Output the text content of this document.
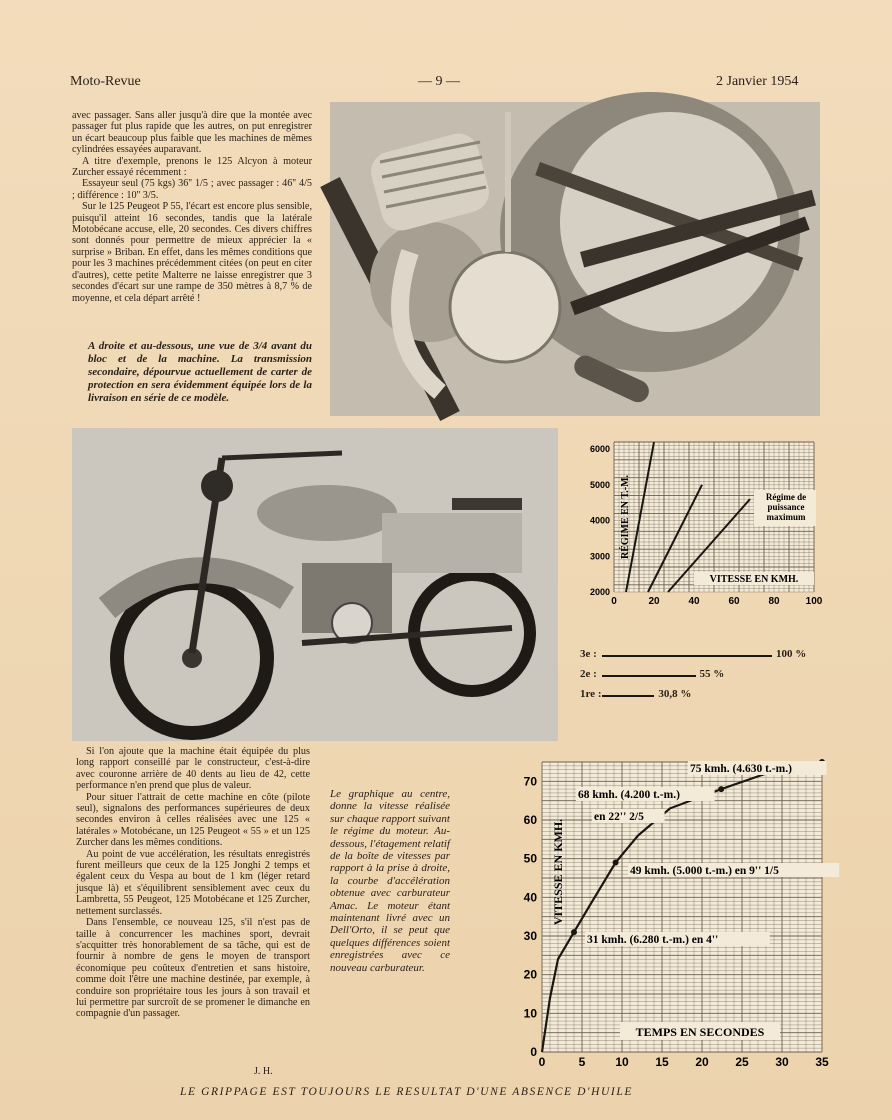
Moto-Revue	— 9 —	2 Janvier 1954

avec passager. Sans aller jusqu'à dire que la montée avec passager fut plus rapide que les autres, on put enregistrer un écart beaucoup plus faible que les machines de mêmes cylindrées essayées auparavant.

A titre d'exemple, prenons le 125 Alcyon à moteur Zurcher essayé récemment :

Essayeur seul (75 kgs) 36'' 1/5 ; avec passager : 46'' 4/5 ; différence : 10'' 3/5.

Sur le 125 Peugeot P 55, l'écart est encore plus sensible, puisqu'il atteint 16 secondes, tandis que la latérale Motobécane accuse, elle, 20 secondes. Ces divers chiffres sont donnés pour permettre de mieux apprécier la « surprise » Briban. En effet, dans les mêmes conditions que pour les 3 machines précédemment citées (on peut en citer d'autres), cette petite Malterre ne laisse enregistrer que 3 secondes d'écart sur une rampe de 350 mètres à 8,7 % de moyenne, et cela départ arrêté !

A droite et au-dessous, une vue de 3/4 avant du bloc et de la machine. La transmission secondaire, dépourvue actuellement de carter de protection en sera évidemment équipée lors de la livraison en série de ce modèle.
0	20	40	60	80	100
2000
3000
4000
5000
6000
RÉGIME EN T.-M.
VITESSE EN KMH.
Régime de
puissance
maximum
3e :	100 %
2e :	55 %
1re :	30,8 %

Si l'on ajoute que la machine était équipée du plus long rapport conseillé par le constructeur, c'est-à-dire avec couronne arrière de 40 dents au lieu de 42, cette performance n'en prend que plus de valeur.

Pour situer l'attrait de cette machine en côte (pilote seul), signalons des performances supérieures de deux secondes environ à celles réalisées avec une 125 « latérales » Motobécane, un 125 Peugeot « 55 » et un 125 Zurcher dans les mêmes conditions.

Au point de vue accélération, les résultats enregistrés furent meilleurs que ceux de la 125 Jonghi 2 temps et égalent ceux du Vespa au bout de 1 km (léger retard jusque là) et s'équilibrent sensiblement avec ceux du Lambretta, 55 Peugeot, 125 Motobécane et 125 Zurcher, nettement surclassés.

Dans l'ensemble, ce nouveau 125, s'il n'est pas de taille à concurrencer les machines sport, devrait s'acquitter très honorablement de sa tâche, qui est de fournir à nombre de gens le moyen de transport économique peu coûteux d'entretien et sans histoire, comme doit l'être une machine destinée, par exemple, à conduire son propriétaire tous les jours à son travail et lui permettre par surcroît de se promener le dimanche en compagnie d'un passager.

J. H.
Le graphique au centre, donne la vitesse réalisée sur chaque rapport suivant le régime du moteur. Au-dessous, l'étagement relatif de la boîte de vitesses par rapport à la prise à droite, la courbe d'accélération obtenue avec carburateur Amac. Le moteur étant maintenant livré avec un Dell'Orto, il se peut que quelques différences soient enregistrées avec ce nouveau carburateur.
0	5 10 15 20 25 30 35
0
10
20
30
40
50
60
70
VITESSE EN KMH.
TEMPS EN SECONDES
75 kmh. (4.630 t.-m.)
68 kmh. (4.200 t.-m.)
en 22'' 2/5
49 kmh. (5.000 t.-m.) en 9'' 1/5
31 kmh. (6.280 t.-m.) en 4''
LE GRIPPAGE EST TOUJOURS LE RESULTAT D'UNE ABSENCE D'HUILE
